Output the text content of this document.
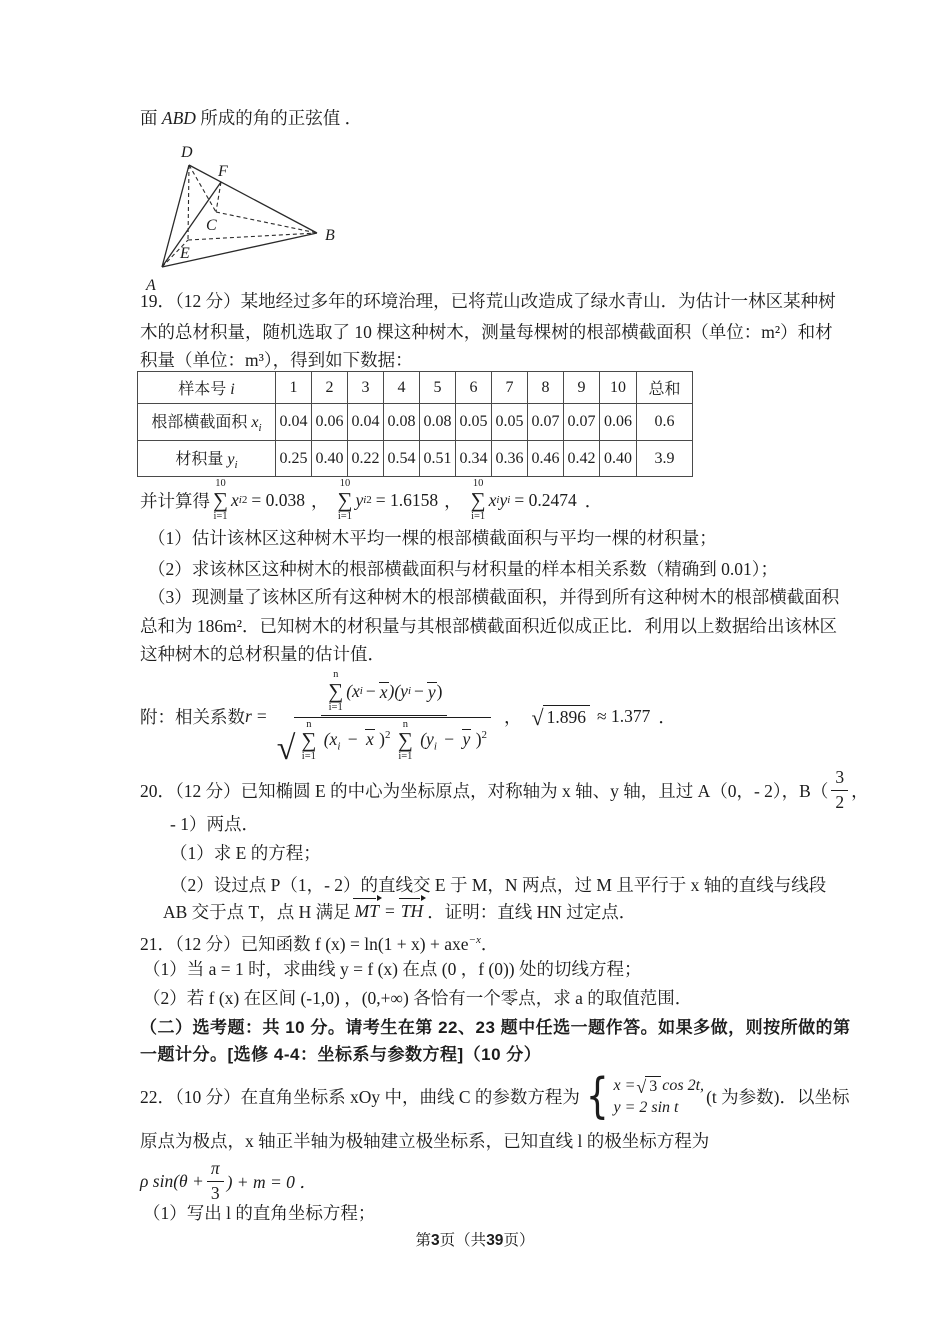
面 ABD 所成的角的正弦值 ．
A
B
C
D
E
F
19．（12 分）某地经过多年的环境治理，已将荒山改造成了绿水青山．为估计一林区某种树
木的总材积量，随机选取了 10 棵这种树木，测量每棵树的根部横截面积（单位：m²）和材
积量（单位：m³），得到如下数据：
样本号 i	1	2	3	4	5	6	7	8	9	10	总和
根部横截面积 $x_i$	0.04	0.06	0.04	0.08	0.08	0.05	0.05	0.07	0.07	0.06	0.6
材积量 $y_i$	0.25	0.40	0.22	0.54	0.51	0.34	0.36	0.46	0.42	0.40	3.9
并计算得
10
∑
i=1
x i 2 = 0.038 ，
10
∑
i=1
y i 2 = 1.6158 ，
10
∑
i=1
x i y i = 0.2474 ．
（1）估计该林区这种树木平均一棵的根部横截面积与平均一棵的材积量；
（2）求该林区这种树木的根部横截面积与材积量的样本相关系数（精确到 0.01）；
（3）现测量了该林区所有这种树木的根部横截面积，并得到所有这种树木的根部横截面积
总和为 186m²．已知树木的材积量与其根部横截面积近似成正比．利用以上数据给出该林区
这种树木的总材积量的估计值．
附：相关系数 r =
n
∑
i=1
(x i − x )(y i − y )
√
n
∑
i=1
($x_i - x$ )$^2$
n
∑
i=1
($y_i - y$ )$^2$
， √ 1.896 ≈ 1.377 ．
20．（12 分）已知椭圆 E 的中心为坐标原点，对称轴为 x 轴、y 轴，且过 A（0，- 2），$B( \frac{3}{2}$ ，
- 1）两点．
（1）求 E 的方程；
（2）设过点 P（1，- 2）的直线交 E 于 M，N 两点，过 M 且平行于 x 轴的直线与线段
AB 交于点 T，点 H 满足 MT = TH ．证明：直线 HN 过定点．
21．（12 分）已知函数 f (x) = ln(1 + x) + axe$^{-x}$．
（1）当 a = 1 时，求曲线 y = f (x) 在点 (0 ，f (0)) 处的切线方程；
（2）若 f (x) 在区间 (-1,0) ，(0,+∞) 各恰有一个零点，求 a 的取值范围．
（二）选考题：共 10 分。请考生在第 22、23 题中任选一题作答。如果多做，则按所做的第
一题计分。[选修 4-4：坐标系与参数方程]（10 分）
22．（10 分）在直角坐标系 xOy 中，曲线 C 的参数方程为 { x = √ 3 cos 2t,
y = 2 sin t
(t 为参数)．以坐标
原点为极点，x 轴正半轴为极轴建立极坐标系，已知直线 l 的极坐标方程为
ρ $\sin(\theta + \frac{\pi}{3}$ ) + m = 0 ．
（1）写出 l 的直角坐标方程；
第3页（共39页）
